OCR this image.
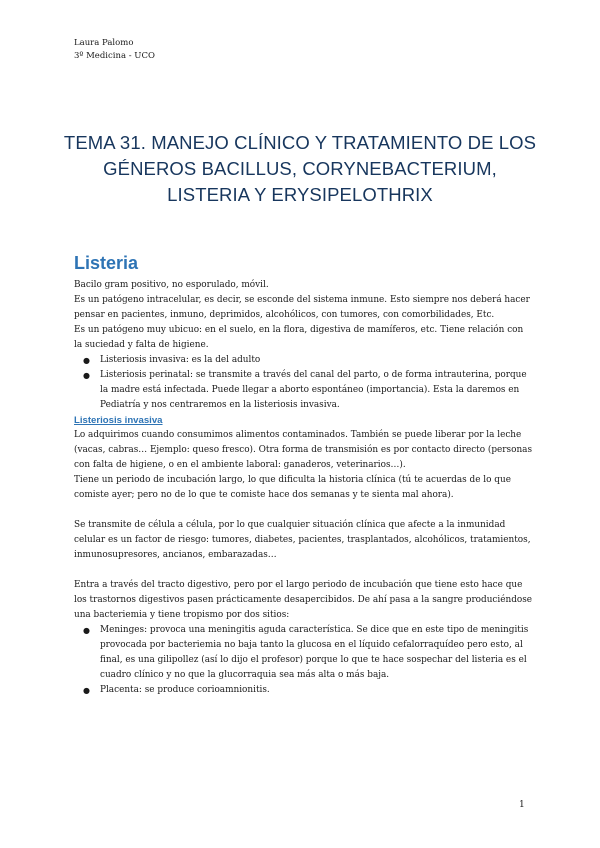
Laura Palomo
3º Medicina - UCO
TEMA 31. MANEJO CLÍNICO Y TRATAMIENTO DE LOS GÉNEROS BACILLUS, CORYNEBACTERIUM, LISTERIA Y ERYSIPELOTHRIX
Listeria

Bacilo gram positivo, no esporulado, móvil.

Es un patógeno intracelular, es decir, se esconde del sistema inmune. Esto siempre nos deberá hacer pensar en pacientes, inmuno, deprimidos, alcohólicos, con tumores, con comorbilidades, Etc.

Es un patógeno muy ubicuo: en el suelo, en la flora, digestiva de mamíferos, etc. Tiene relación con la suciedad y falta de higiene.

● Listeriosis invasiva: es la del adulto
● Listeriosis perinatal: se transmite a través del canal del parto, o de forma intrauterina, porque la madre está infectada. Puede llegar a aborto espontáneo (importancia). Esta la daremos en Pediatría y nos centraremos en la listeriosis invasiva.
Listeriosis invasiva

Lo adquirimos cuando consumimos alimentos contaminados. También se puede liberar por la leche (vacas, cabras… Ejemplo: queso fresco). Otra forma de transmisión es por contacto directo (personas con falta de higiene, o en el ambiente laboral: ganaderos, veterinarios…).

Tiene un periodo de incubación largo, lo que dificulta la historia clínica (tú te acuerdas de lo que comiste ayer; pero no de lo que te comiste hace dos semanas y te sienta mal ahora).

Se transmite de célula a célula, por lo que cualquier situación clínica que afecte a la inmunidad celular es un factor de riesgo: tumores, diabetes, pacientes, trasplantados, alcohólicos, tratamientos, inmunosupresores, ancianos, embarazadas…

Entra a través del tracto digestivo, pero por el largo periodo de incubación que tiene esto hace que los trastornos digestivos pasen prácticamente desapercibidos. De ahí pasa a la sangre produciéndose una bacteriemia y tiene tropismo por dos sitios:

● Meninges: provoca una meningitis aguda característica. Se dice que en este tipo de meningitis provocada por bacteriemia no baja tanto la glucosa en el líquido cefalorraquídeo pero esto, al final, es una gilipollez (así lo dijo el profesor) porque lo que te hace sospechar del listeria es el cuadro clínico y no que la glucorraquia sea más alta o más baja.
● Placenta: se produce corioamnionitis.
1
